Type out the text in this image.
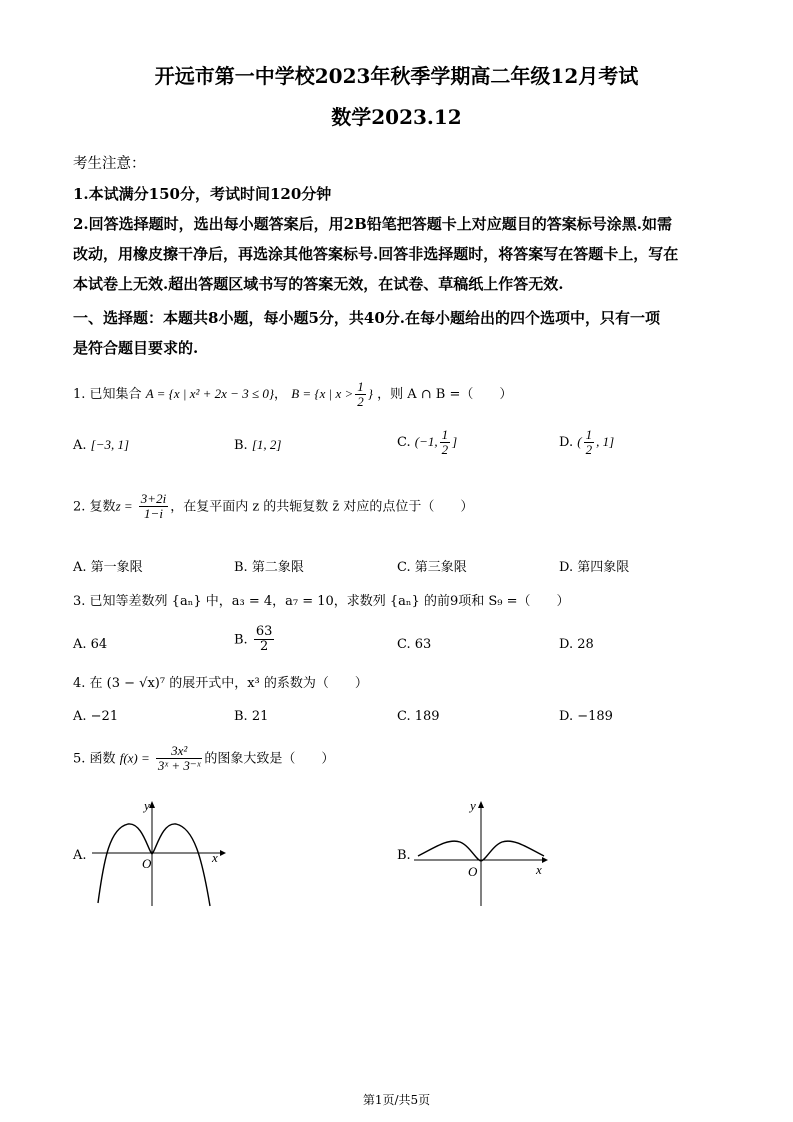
开远市第一中学校2023年秋季学期高二年级12月考试
数学2023.12
考生注意：
1.本试满分150分，考试时间120分钟
2.回答选择题时，选出每小题答案后，用2B铅笔把答题卡上对应题目的答案标号涂黑.如需
改动，用橡皮擦干净后，再选涂其他答案标号.回答非选择题时，将答案写在答题卡上，写在
本试卷上无效.超出答题区域书写的答案无效，在试卷、草稿纸上作答无效.
一、选择题：本题共8小题，每小题5分，共40分.在每小题给出的四个选项中，只有一项
是符合题目要求的.
1. 已知集合 A = {x | x² + 2x − 3 ≤ 0}， B = {x | $x > \frac{1}{2}$ } ，则 A ∩ B =（　　）
A. [−3, 1]	B. [1, 2]	C. (−1, $\frac{1}{2}$ ]	D. ( $\frac{1}{2}$ , 1]
2. 复数$z = \frac{3+2i}{1-i}$ ，在复平面内 z 的共轭复数 z̄ 对应的点位于（　　）
A. 第一象限	B. 第二象限	C. 第三象限	D. 第四象限
3. 已知等差数列 {aₙ} 中，a₃ = 4，a₇ = 10，求数列 {aₙ} 的前9项和 S₉ =（　　）
A. 64	B. $\frac{63}{2}$	C. 63	D. 28
4. 在 (3 − √x)⁷ 的展开式中，x³ 的系数为（　　）
A. −21	B. 21	C. 189	D. −189
5. 函数 $f(x) = \frac{\text{3x²}}{\text{3ˣ + 3⁻ˣ}}$ 的图象大致是（　　）
A.	x
y
O
B.
x
y
O
第1页/共5页
